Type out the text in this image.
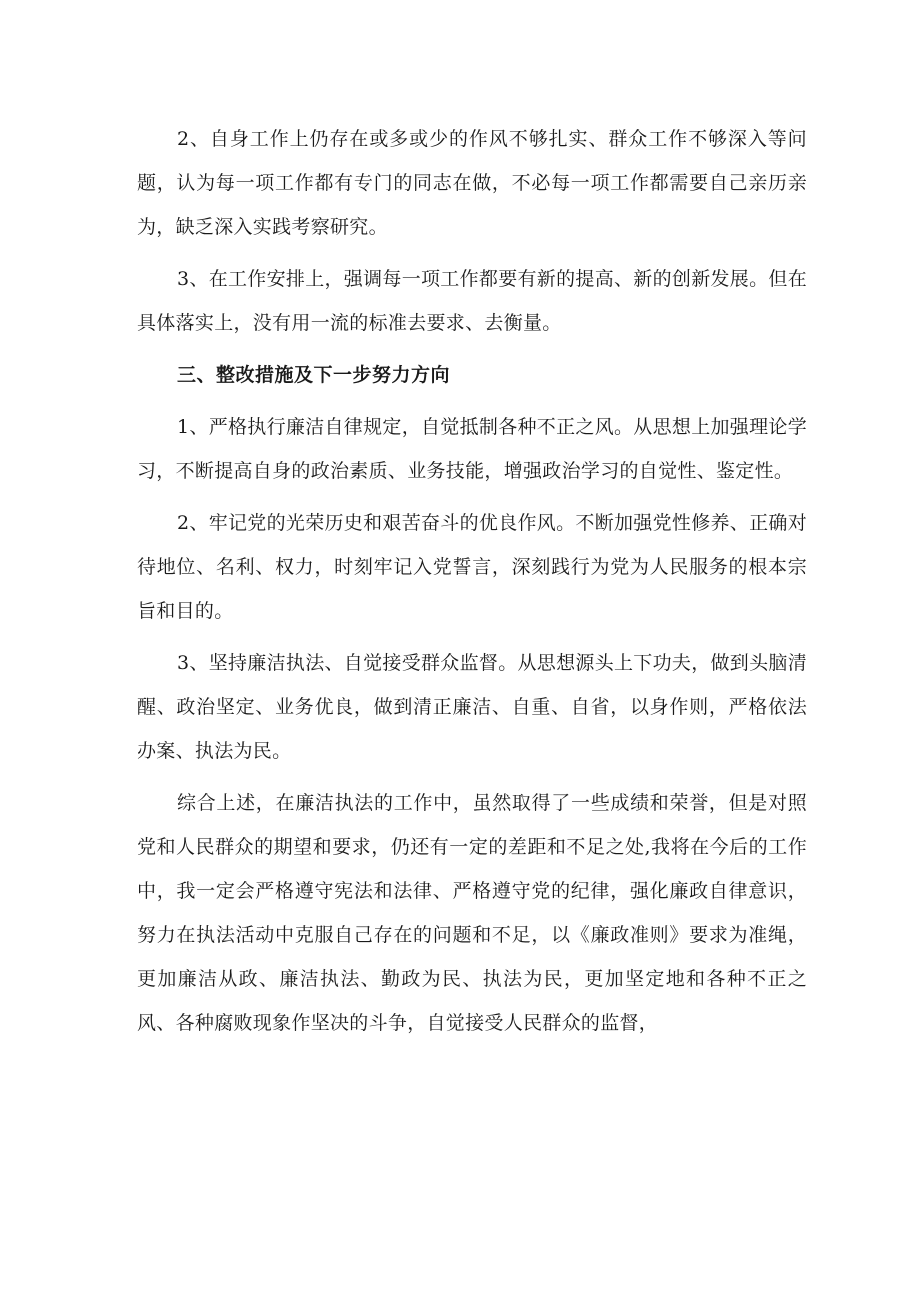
2、自身工作上仍存在或多或少的作风不够扎实、群众工作不够深入等问题，认为每一项工作都有专门的同志在做，不必每一项工作都需要自己亲历亲为，缺乏深入实践考察研究。

3、在工作安排上，强调每一项工作都要有新的提高、新的创新发展。但在具体落实上，没有用一流的标准去要求、去衡量。

三、整改措施及下一步努力方向

1、严格执行廉洁自律规定，自觉抵制各种不正之风。从思想上加强理论学习，不断提高自身的政治素质、业务技能，增强政治学习的自觉性、鉴定性。

2、牢记党的光荣历史和艰苦奋斗的优良作风。不断加强党性修养、正确对待地位、名利、权力，时刻牢记入党誓言，深刻践行为党为人民服务的根本宗旨和目的。

3、坚持廉洁执法、自觉接受群众监督。从思想源头上下功夫，做到头脑清醒、政治坚定、业务优良，做到清正廉洁、自重、自省，以身作则，严格依法办案、执法为民。

综合上述，在廉洁执法的工作中，虽然取得了一些成绩和荣誉，但是对照党和人民群众的期望和要求，仍还有一定的差距和不足之处,我将在今后的工作中，我一定会严格遵守宪法和法律、严格遵守党的纪律，强化廉政自律意识，努力在执法活动中克服自己存在的问题和不足，以《廉政准则》要求为准绳，更加廉洁从政、廉洁执法、勤政为民、执法为民，更加坚定地和各种不正之风、各种腐败现象作坚决的斗争，自觉接受人民群众的监督，
